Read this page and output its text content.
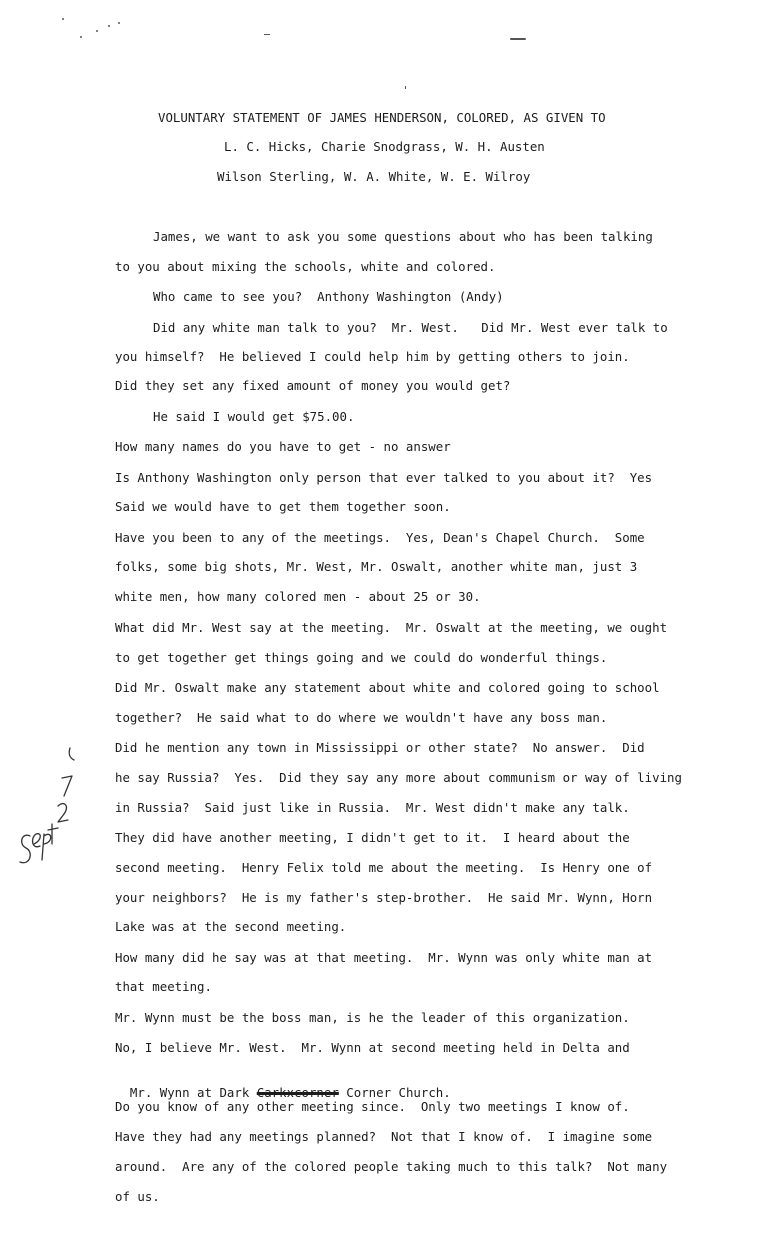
VOLUNTARY STATEMENT OF JAMES HENDERSON, COLORED, AS GIVEN TO
L. C. Hicks, Charie Snodgrass, W. H. Austen
Wilson Sterling, W. A. White, W. E. Wilroy
James, we want to ask you some questions about who has been talking
to you about mixing the schools, white and colored.
Who came to see you?  Anthony Washington (Andy)
Did any white man talk to you?  Mr. West.   Did Mr. West ever talk to
you himself?  He believed I could help him by getting others to join.
Did they set any fixed amount of money you would get?
He said I would get $75.00.
How many names do you have to get - no answer
Is Anthony Washington only person that ever talked to you about it?  Yes
Said we would have to get them together soon.
Have you been to any of the meetings.  Yes, Dean's Chapel Church.  Some
folks, some big shots, Mr. West, Mr. Oswalt, another white man, just 3
white men, how many colored men - about 25 or 30.
What did Mr. West say at the meeting.  Mr. Oswalt at the meeting, we ought
to get together get things going and we could do wonderful things.
Did Mr. Oswalt make any statement about white and colored going to school
together?  He said what to do where we wouldn't have any boss man.
Did he mention any town in Mississippi or other state?  No answer.  Did
he say Russia?  Yes.  Did they say any more about communism or way of living
in Russia?  Said just like in Russia.  Mr. West didn't make any talk.
They did have another meeting, I didn't get to it.  I heard about the
second meeting.  Henry Felix told me about the meeting.  Is Henry one of
your neighbors?  He is my father's step-brother.  He said Mr. Wynn, Horn
Lake was at the second meeting.
How many did he say was at that meeting.  Mr. Wynn was only white man at
that meeting.
Mr. Wynn must be the boss man, is he the leader of this organization.
No, I believe Mr. West.  Mr. Wynn at second meeting held in Delta and

Mr. Wynn at Dark Carkxcorner Corner Church.

Do you know of any other meeting since.  Only two meetings I know of.
Have they had any meetings planned?  Not that I know of.  I imagine some
around.  Are any of the colored people taking much to this talk?  Not many
of us.
